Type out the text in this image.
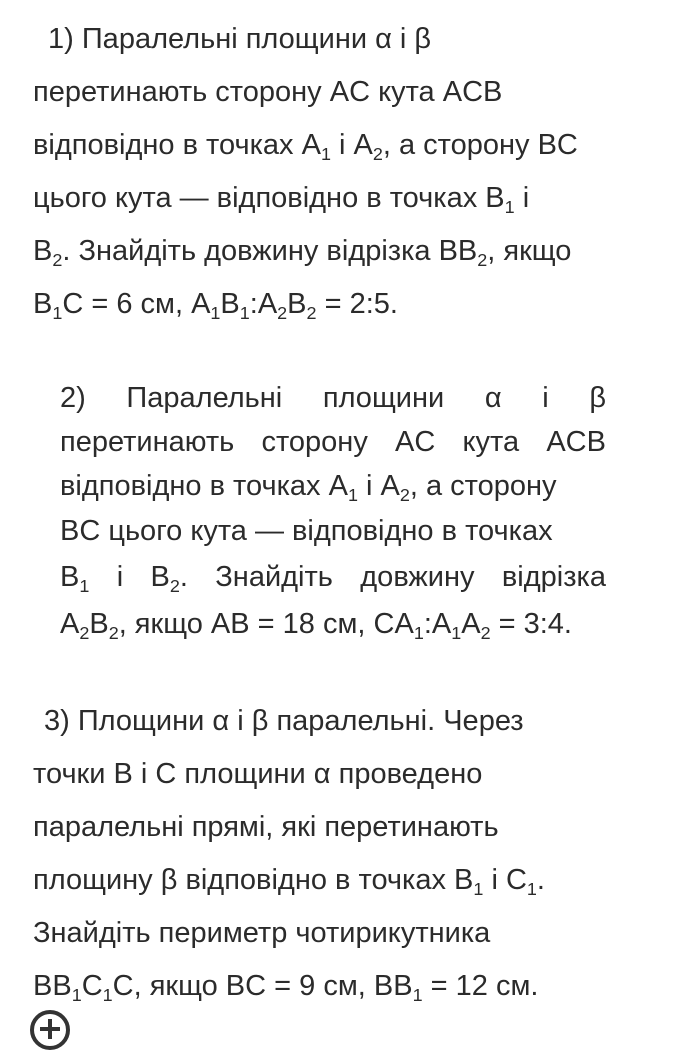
1) Паралельні площини α і β
перетинають сторону AC кута ACB
відповідно в точках $A_1$ і $A_2$, а сторону BC
цього кута — відповідно в точках $B_1$ і
$B_2$. Знайдіть довжину відрізка $BB_2$, якщо
$B_1C = 6$ см, $A_1B_1:A_2B_2$ = 2:5.
2) Паралельні площини α і β
перетинають сторону AC кута ACB
відповідно в точках $A_1$ і $A_2$, а сторону
BC цього кута — відповідно в точках
$B_1$ і $B_2$. Знайдіть довжину відрізка
$A_2B_2$, якщо AB = 18 см, $CA_1:A_1A_2$ = 3:4.
3) Площини α і β паралельні. Через
точки B і C площини α проведено
паралельні прямі, які перетинають
площину β відповідно в точках $B_1$ і $C_1$.
Знайдіть периметр чотирикутника
$BB_1C_1C$, якщо BC = 9 см, $BB_1 = 12$ см.
